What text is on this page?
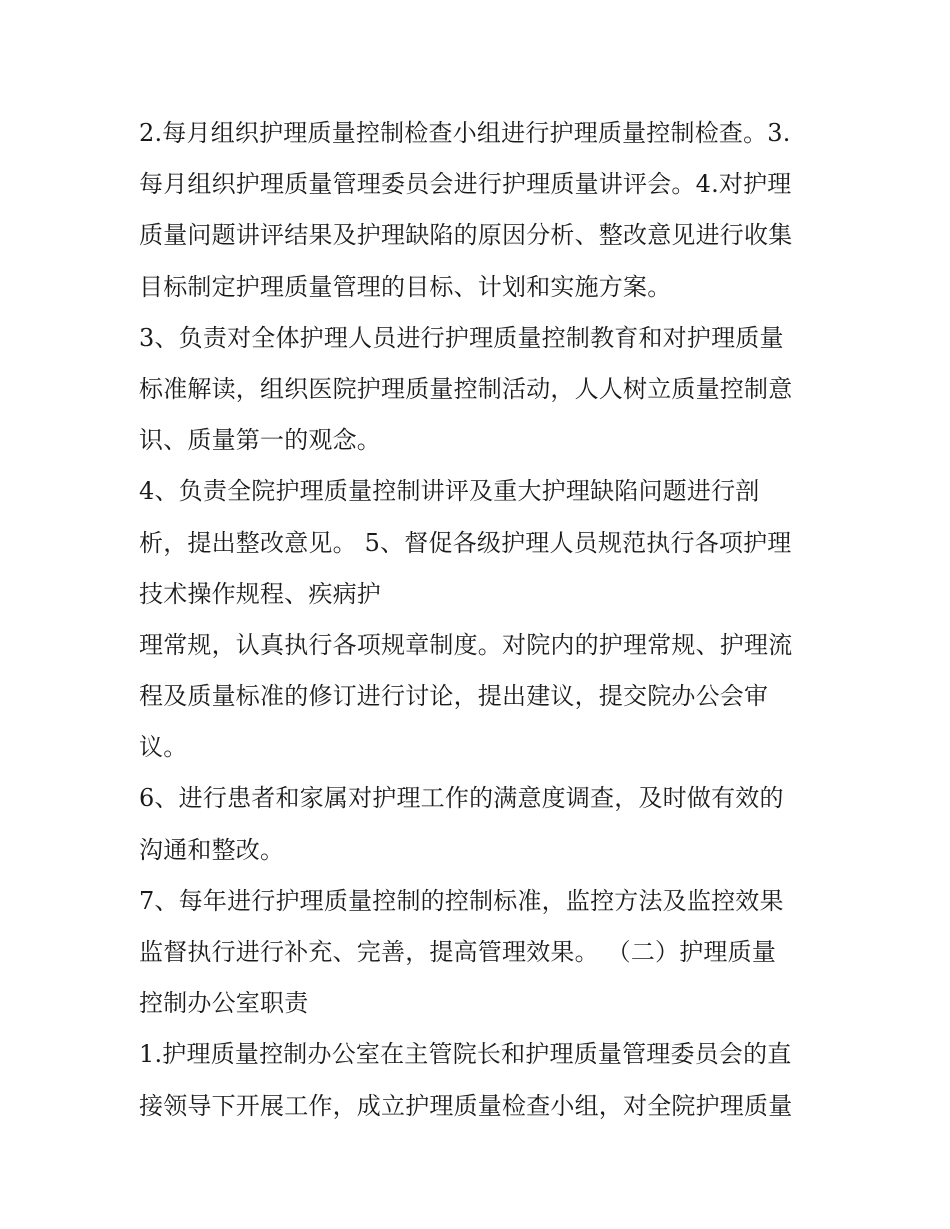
2.每月组织护理质量控制检查小组进行护理质量控制检查。3.
每月组织护理质量管理委员会进行护理质量讲评会。4.对护理
质量问题讲评结果及护理缺陷的原因分析、整改意见进行收集
目标制定护理质量管理的目标、计划和实施方案。
3、负责对全体护理人员进行护理质量控制教育和对护理质量
标准解读，组织医院护理质量控制活动，人人树立质量控制意
识、质量第一的观念。
4、负责全院护理质量控制讲评及重大护理缺陷问题进行剖
析，提出整改意见。 5、督促各级护理人员规范执行各项护理
技术操作规程、疾病护
理常规，认真执行各项规章制度。对院内的护理常规、护理流
程及质量标准的修订进行讨论，提出建议，提交院办公会审
议。
6、进行患者和家属对护理工作的满意度调查，及时做有效的
沟通和整改。
7、每年进行护理质量控制的控制标准，监控方法及监控效果
监督执行进行补充、完善，提高管理效果。 （二）护理质量
控制办公室职责
1.护理质量控制办公室在主管院长和护理质量管理委员会的直
接领导下开展工作，成立护理质量检查小组，对全院护理质量
